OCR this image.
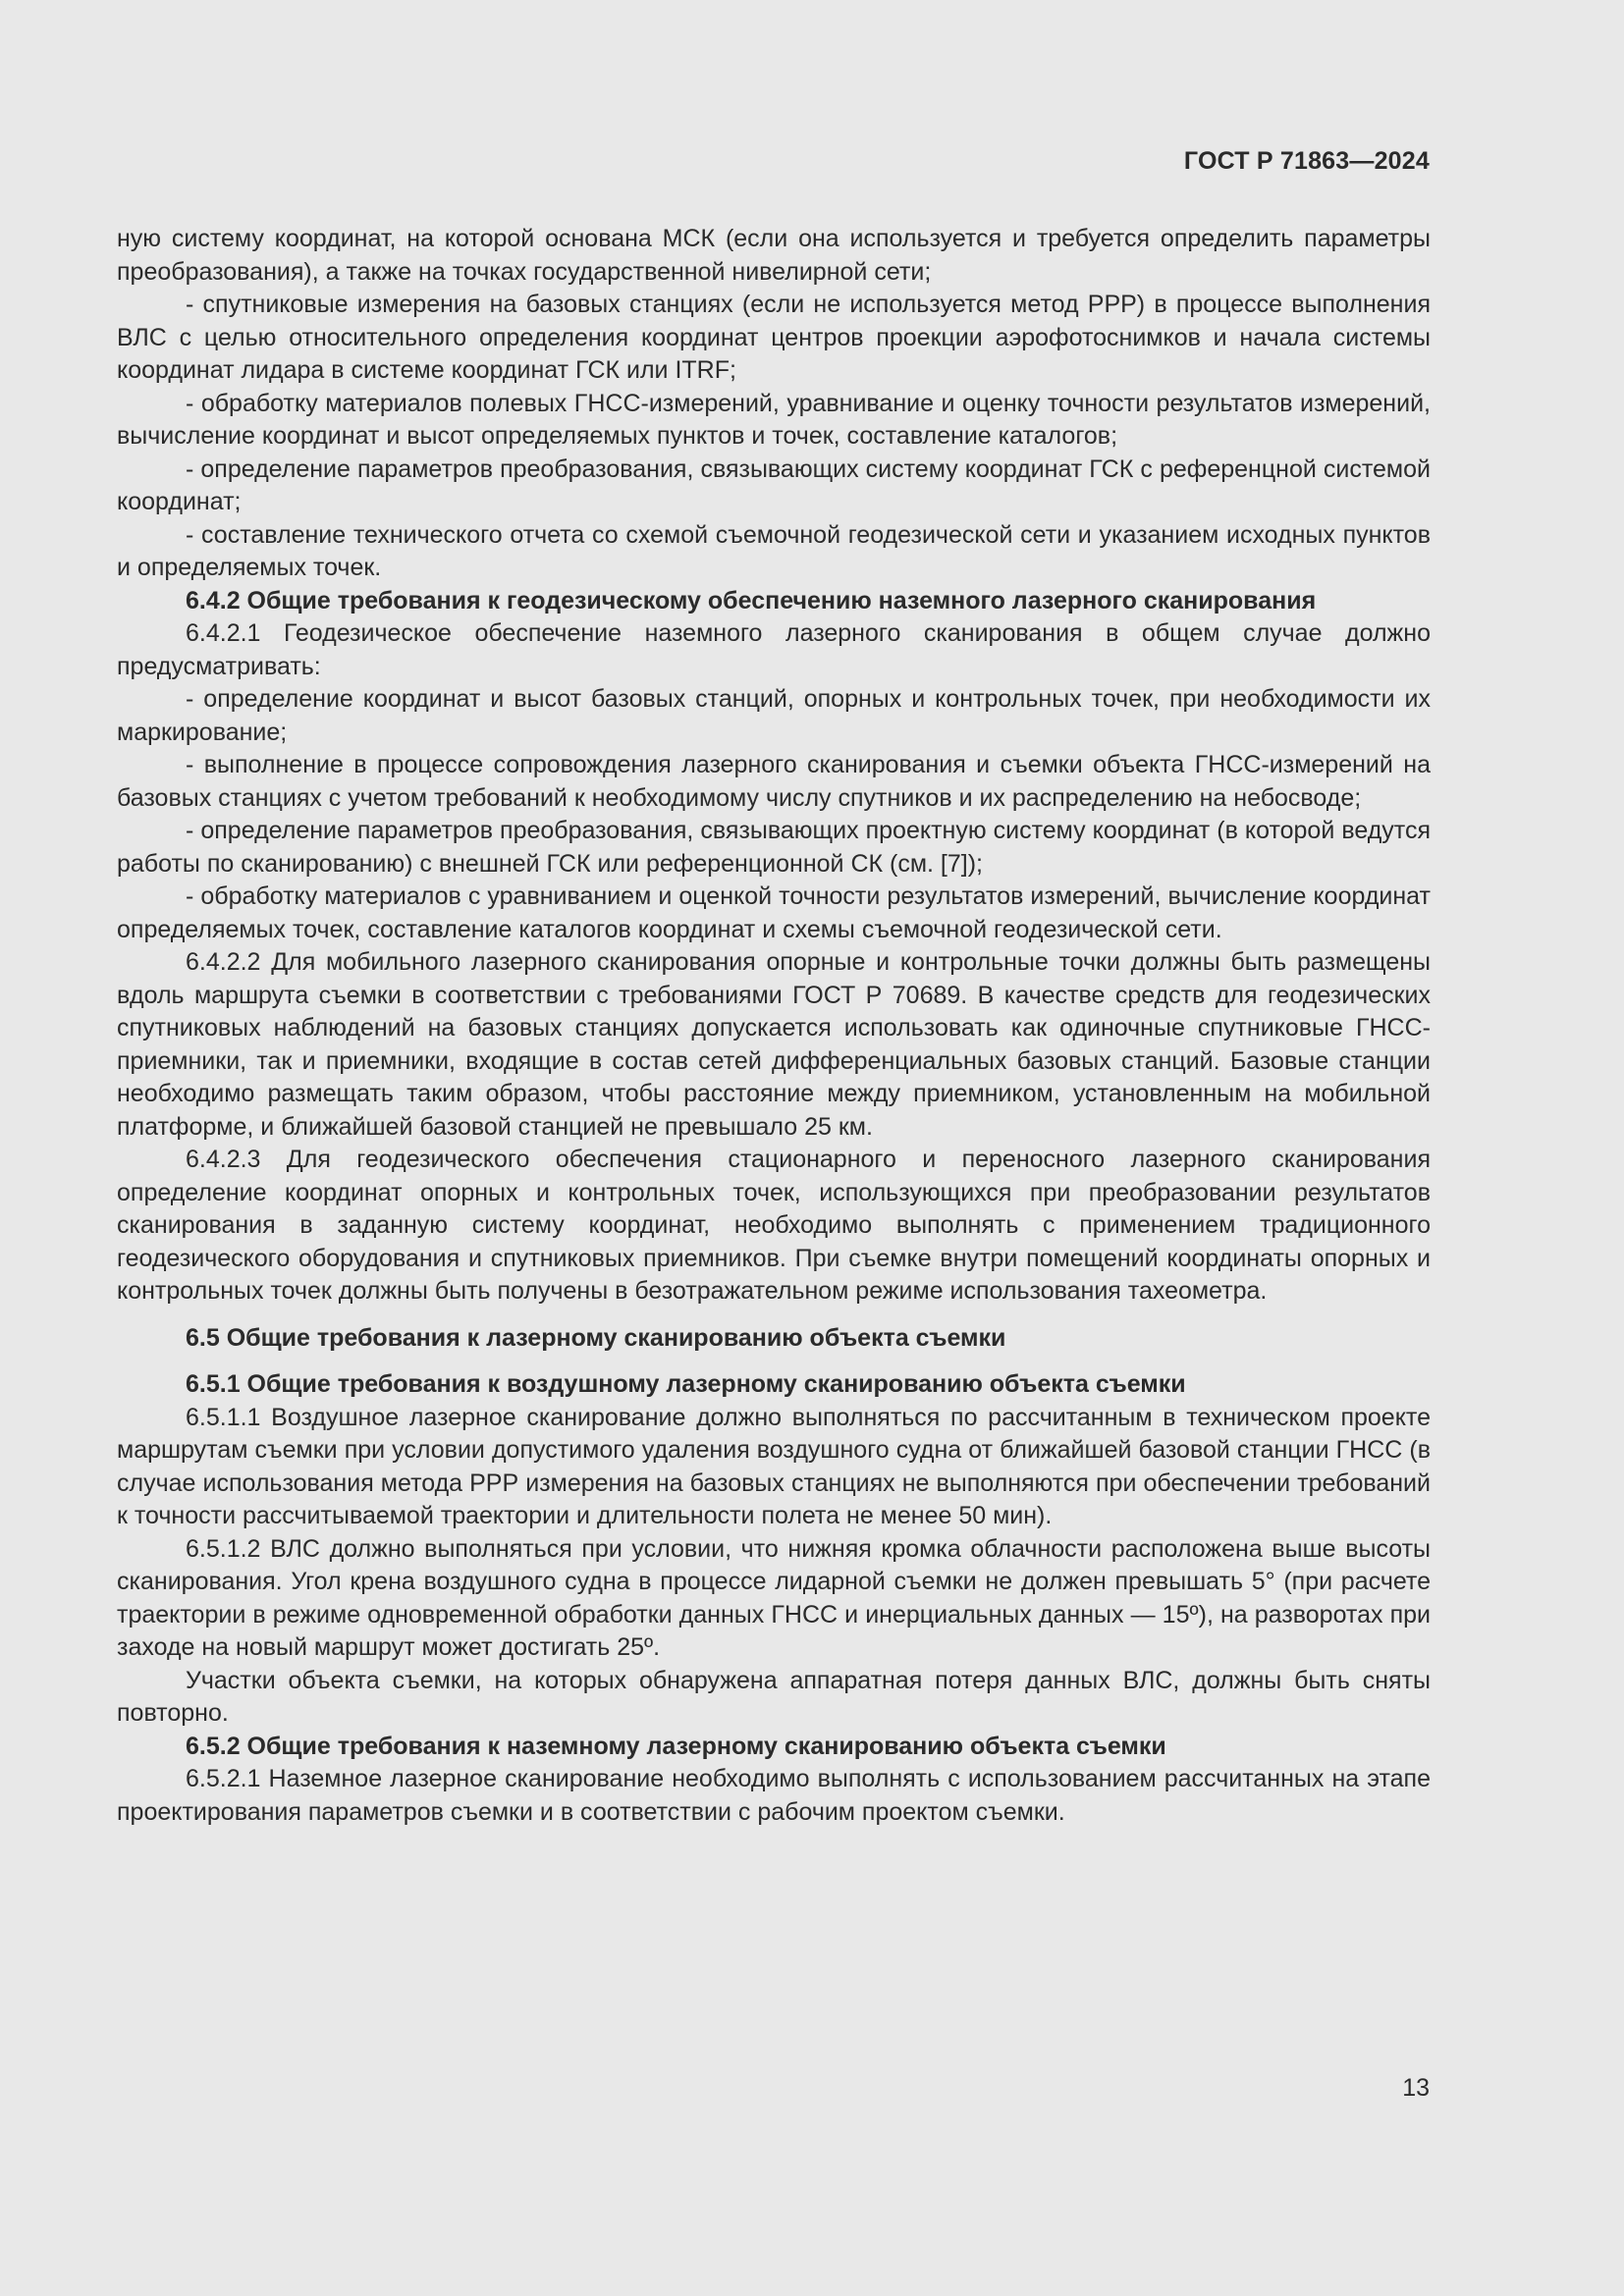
ГОСТ Р 71863—2024

ную систему координат, на которой основана МСК (если она используется и требуется определить параметры преобразования), а также на точках государственной нивелирной сети;

- спутниковые измерения на базовых станциях (если не используется метод РРР) в процессе выполнения ВЛС с целью относительного определения координат центров проекции аэрофотоснимков и начала системы координат лидара в системе координат ГСК или ITRF;

- обработку материалов полевых ГНСС-измерений, уравнивание и оценку точности результатов измерений, вычисление координат и высот определяемых пунктов и точек, составление каталогов;

- определение параметров преобразования, связывающих систему координат ГСК с референцной системой координат;

- составление технического отчета со схемой съемочной геодезической сети и указанием исходных пунктов и определяемых точек.

6.4.2 Общие требования к геодезическому обеспечению наземного лазерного сканирования

6.4.2.1 Геодезическое обеспечение наземного лазерного сканирования в общем случае должно предусматривать:

- определение координат и высот базовых станций, опорных и контрольных точек, при необходимости их маркирование;

- выполнение в процессе сопровождения лазерного сканирования и съемки объекта ГНСС-измерений на базовых станциях с учетом требований к необходимому числу спутников и их распределению на небосводе;

- определение параметров преобразования, связывающих проектную систему координат (в которой ведутся работы по сканированию) с внешней ГСК или референционной СК (см. [7]);

- обработку материалов с уравниванием и оценкой точности результатов измерений, вычисление координат определяемых точек, составление каталогов координат и схемы съемочной геодезической сети.

6.4.2.2 Для мобильного лазерного сканирования опорные и контрольные точки должны быть размещены вдоль маршрута съемки в соответствии с требованиями ГОСТ Р 70689. В качестве средств для геодезических спутниковых наблюдений на базовых станциях допускается использовать как одиночные спутниковые ГНСС-приемники, так и приемники, входящие в состав сетей дифференциальных базовых станций. Базовые станции необходимо размещать таким образом, чтобы расстояние между приемником, установленным на мобильной платформе, и ближайшей базовой станцией не превышало 25 км.

6.4.2.3 Для геодезического обеспечения стационарного и переносного лазерного сканирования определение координат опорных и контрольных точек, использующихся при преобразовании результатов сканирования в заданную систему координат, необходимо выполнять с применением традиционного геодезического оборудования и спутниковых приемников. При съемке внутри помещений координаты опорных и контрольных точек должны быть получены в безотражательном режиме использования тахеометра.

6.5 Общие требования к лазерному сканированию объекта съемки

6.5.1 Общие требования к воздушному лазерному сканированию объекта съемки

6.5.1.1 Воздушное лазерное сканирование должно выполняться по рассчитанным в техническом проекте маршрутам съемки при условии допустимого удаления воздушного судна от ближайшей базовой станции ГНСС (в случае использования метода РРР измерения на базовых станциях не выполняются при обеспечении требований к точности рассчитываемой траектории и длительности полета не менее 50 мин).

6.5.1.2 ВЛС должно выполняться при условии, что нижняя кромка облачности расположена выше высоты сканирования. Угол крена воздушного судна в процессе лидарной съемки не должен превышать 5° (при расчете траектории в режиме одновременной обработки данных ГНСС и инерциальных данных — 15º), на разворотах при заходе на новый маршрут может достигать 25º.

Участки объекта съемки, на которых обнаружена аппаратная потеря данных ВЛС, должны быть сняты повторно.

6.5.2 Общие требования к наземному лазерному сканированию объекта съемки

6.5.2.1 Наземное лазерное сканирование необходимо выполнять с использованием рассчитанных на этапе проектирования параметров съемки и в соответствии с рабочим проектом съемки.

13
